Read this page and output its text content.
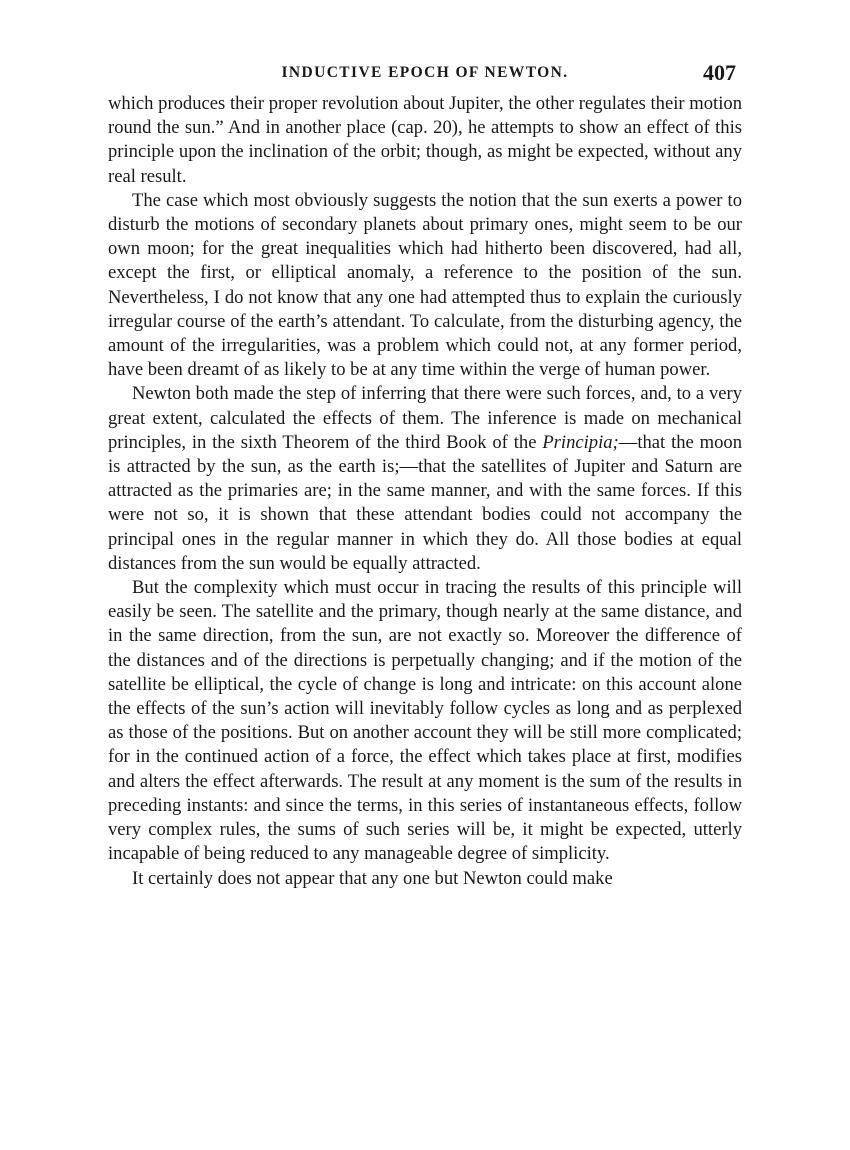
INDUCTIVE EPOCH OF NEWTON.	407

which produces their proper revolution about Jupiter, the other regulates their motion round the sun.” And in another place (cap. 20), he attempts to show an effect of this principle upon the inclination of the orbit; though, as might be expected, without any real result.

The case which most obviously suggests the notion that the sun exerts a power to disturb the motions of secondary planets about primary ones, might seem to be our own moon; for the great inequalities which had hitherto been discovered, had all, except the first, or elliptical anomaly, a reference to the position of the sun. Nevertheless, I do not know that any one had attempted thus to explain the curiously irregular course of the earth’s attendant. To calculate, from the disturbing agency, the amount of the irregularities, was a problem which could not, at any former period, have been dreamt of as likely to be at any time within the verge of human power.

Newton both made the step of inferring that there were such forces, and, to a very great extent, calculated the effects of them. The inference is made on mechanical principles, in the sixth Theorem of the third Book of the Principia;—that the moon is attracted by the sun, as the earth is;—that the satellites of Jupiter and Saturn are attracted as the primaries are; in the same manner, and with the same forces. If this were not so, it is shown that these attendant bodies could not accompany the principal ones in the regular manner in which they do. All those bodies at equal distances from the sun would be equally attracted.

But the complexity which must occur in tracing the results of this principle will easily be seen. The satellite and the primary, though nearly at the same distance, and in the same direction, from the sun, are not exactly so. Moreover the difference of the distances and of the directions is perpetually changing; and if the motion of the satellite be elliptical, the cycle of change is long and intricate: on this account alone the effects of the sun’s action will inevitably follow cycles as long and as perplexed as those of the positions. But on another account they will be still more complicated; for in the continued action of a force, the effect which takes place at first, modifies and alters the effect afterwards. The result at any moment is the sum of the results in preceding instants: and since the terms, in this series of instantaneous effects, follow very complex rules, the sums of such series will be, it might be expected, utterly incapable of being reduced to any manageable degree of simplicity.

It certainly does not appear that any one but Newton could make
